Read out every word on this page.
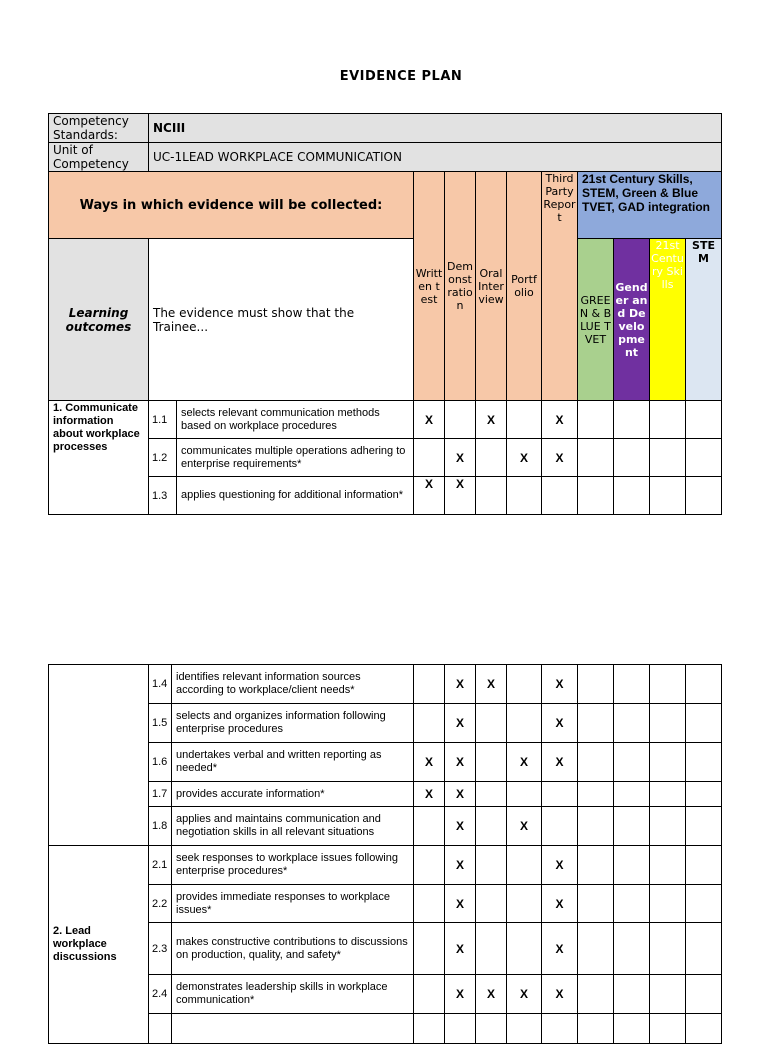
EVIDENCE PLAN
Competency Standards:	NCIII										
Unit of Competency	UC-1LEAD WORKPLACE COMMUNICATION										
Ways in which evidence will be collected:			Written test	Demonstration	Oral Interview	Portfolio	Third Party Report	21st Century Skills, STEM, Green & Blue TVET, GAD integration			
Learning outcomes	The evidence must show that the Trainee...							GREEN & BLUE TVET	Gender and Development	21st Century Skills	STEM
1. Communicate information about workplace processes	1.1	selects relevant communication methods based on workplace procedures	X		X		X				
	1.2	communicates multiple operations adhering to enterprise requirements*		X		X	X				
	1.3	applies questioning for additional information*	X	X							
	1.4	identifies relevant information sources according to workplace/client needs*		X	X		X				
	1.5	selects and organizes information following enterprise procedures		X			X				
	1.6	undertakes verbal and written reporting as needed*	X	X		X	X				
	1.7	provides accurate information*	X	X							
	1.8	applies and maintains communication and negotiation skills in all relevant situations		X		X					
2. Lead workplace discussions	2.1	seek responses to workplace issues following enterprise procedures*		X			X				
	2.2	provides immediate responses to workplace issues*		X			X				
	2.3	makes constructive contributions to discussions on production, quality, and safety*		X			X				
	2.4	demonstrates leadership skills in workplace communication*		X	X	X	X				
